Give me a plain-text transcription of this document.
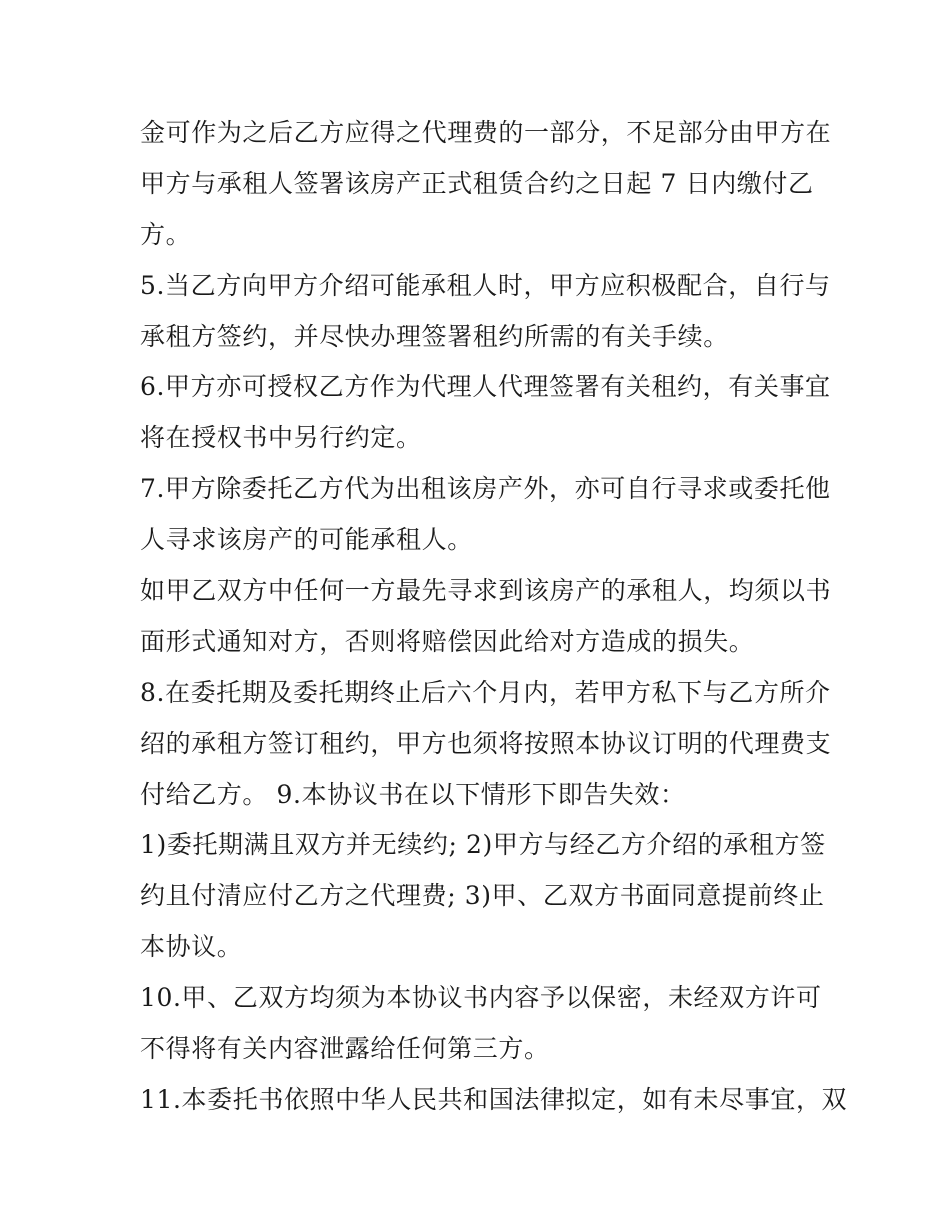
金可作为之后乙方应得之代理费的一部分，不足部分由甲方在
甲方与承租人签署该房产正式租赁合约之日起 7 日内缴付乙
方。
5.当乙方向甲方介绍可能承租人时，甲方应积极配合，自行与
承租方签约，并尽快办理签署租约所需的有关手续。
6.甲方亦可授权乙方作为代理人代理签署有关租约，有关事宜
将在授权书中另行约定。
7.甲方除委托乙方代为出租该房产外，亦可自行寻求或委托他
人寻求该房产的可能承租人。
如甲乙双方中任何一方最先寻求到该房产的承租人，均须以书
面形式通知对方，否则将赔偿因此给对方造成的损失。
8.在委托期及委托期终止后六个月内，若甲方私下与乙方所介
绍的承租方签订租约，甲方也须将按照本协议订明的代理费支
付给乙方。 9.本协议书在以下情形下即告失效：
1)委托期满且双方并无续约; 2)甲方与经乙方介绍的承租方签
约且付清应付乙方之代理费; 3)甲、乙双方书面同意提前终止
本协议。
10.甲、乙双方均须为本协议书内容予以保密，未经双方许可
不得将有关内容泄露给任何第三方。
11.本委托书依照中华人民共和国法律拟定，如有未尽事宜，双
